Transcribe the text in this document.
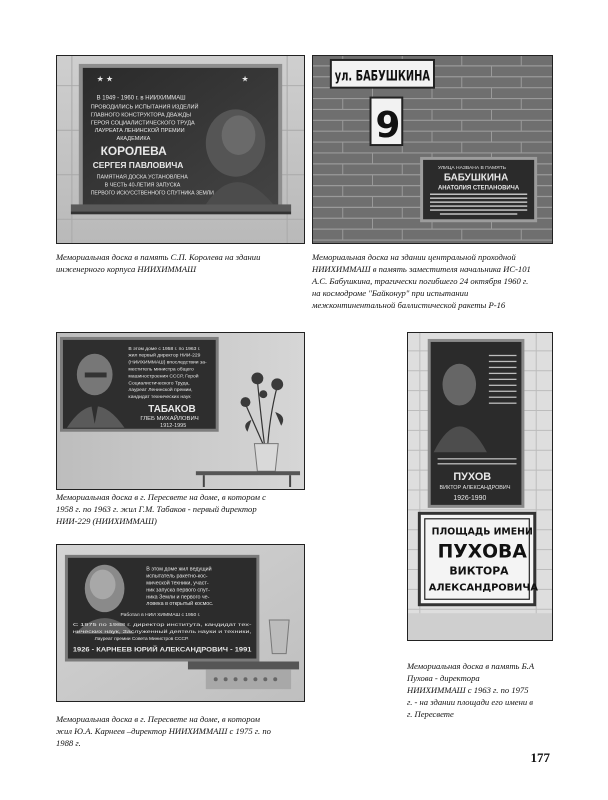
★ ★	★
В 1949 - 1960 г. в НИИХИММАШ
ПРОВОДИЛИСЬ ИСПЫТАНИЯ ИЗДЕЛИЙ
ГЛАВНОГО КОНСТРУКТОРА ДВАЖДЫ
ГЕРОЯ СОЦИАЛИСТИЧЕСКОГО ТРУДА
ЛАУРЕАТА ЛЕНИНСКОЙ ПРЕМИИ
АКАДЕМИКА
КОРОЛЕВА
СЕРГЕЯ ПАВЛОВИЧА
ПАМЯТНАЯ ДОСКА УСТАНОВЛЕНА
В ЧЕСТЬ 40-ЛЕТИЯ ЗАПУСКА
ПЕРВОГО ИСКУССТВЕННОГО СПУТНИКА ЗЕМЛИ
ул. БАБУШКИНА
9
УЛИЦА НАЗВАНА В ПАМЯТЬ
БАБУШКИНА
АНАТОЛИЯ СТЕПАНОВИЧА

Мемориальная доска в память С.П. Королева на здании
инженерного корпуса НИИХИММАШ

Мемориальная доска на здании центральной проходной
НИИХИММАШ в память заместителя начальника ИС-101
А.С. Бабушкина, трагически погибшего 24 октября 1960 г.
на космодроме "Байконур" при испытании
межконтинентальной баллистической ракеты Р-16

В этом доме с 1958 г. по 1963 г.
жил первый директор НИИ-229
(НИИХИММАШ) впоследствии за-
меститель министра общего
машиностроения СССР, Герой
Социалистического Труда,
лауреат Ленинской премии,
кандидат технических наук
ТАБАКОВ
ГЛЕБ МИХАЙЛОВИЧ
1912-1995

Мемориальная доска в г. Пересвете на доме, в котором с
1958 г. по 1963 г. жил Г.М. Табаков - первый директор
НИИ-229 (НИИХИММАШ)

ПУХОВ
ВИКТОР АЛЕКСАНДРОВИЧ
1926-1990
ПЛОЩАДЬ ИМЕНИ
ПУХОВА
ВИКТОРА
АЛЕКСАНДРОВИЧА

Мемориальная доска в память Б.А
Пухова - директора
НИИХИММАШ с 1963 г. по 1975
г. - на здании площади его имени в
г. Пересвете

В этом доме жил ведущий
испытатель ракетно-кос-
мической техники, участ-
ник запуска первого спут-
ника Земли и первого че-
ловека в открытый космос.
Работал в НИИ ХИММАШ с 1950 г.
С 1975 по 1988 г. директор института, кандидат тех-
нических наук, Заслуженный деятель науки и техники,
Лауреат премии Совета Министров СССР.
1926 - КАРНЕЕВ ЮРИЙ АЛЕКСАНДРОВИЧ - 1991

Мемориальная доска в г. Пересвете на доме, в котором
жил Ю.А. Карнеев –директор НИИХИММАШ с 1975 г. по
1988 г.

177
